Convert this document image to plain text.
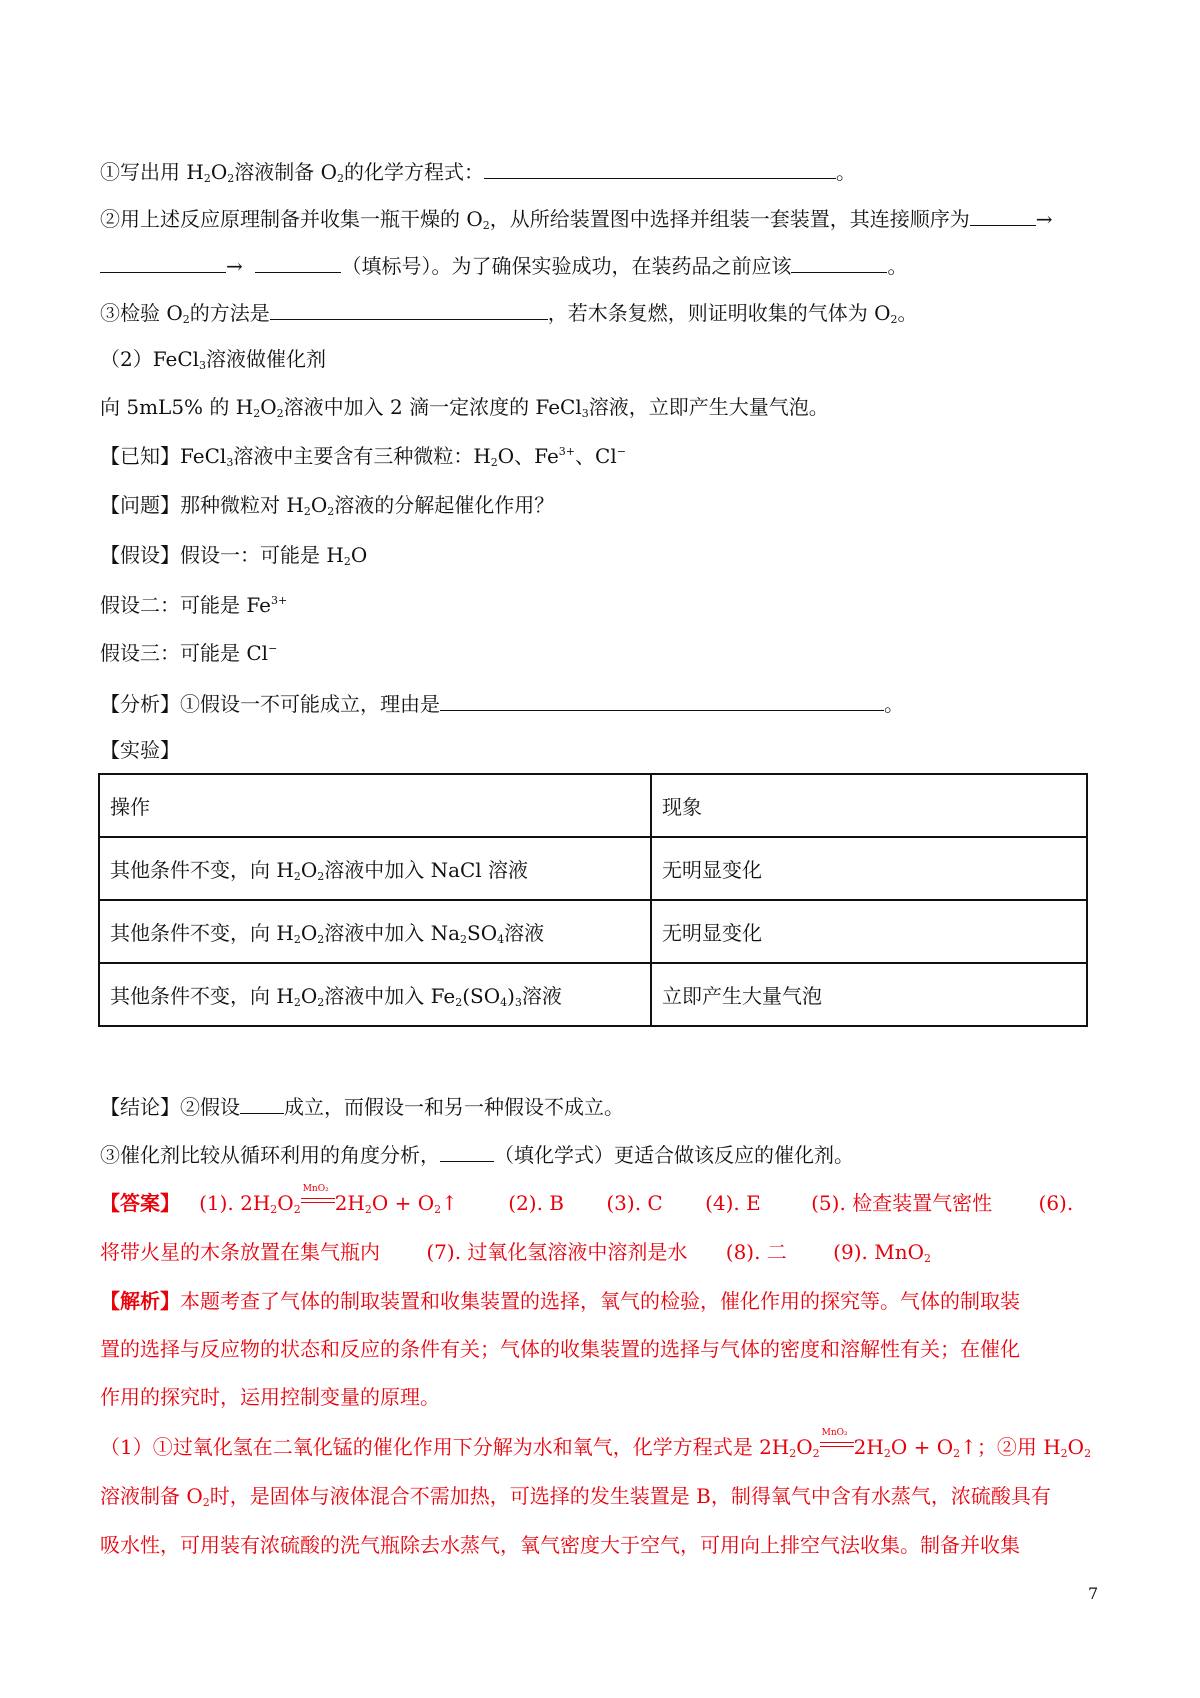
①写出用 $H_2O_2$溶液制备 $O_2$的化学方程式：	。
②用上述反应原理制备并收集一瓶干燥的 $O_2$，从所给装置图中选择并组装一套装置，其连接顺序为	→
→	（填标号）。为了确保实验成功，在装药品之前应该	。
③检验 $O_2$的方法是	，若木条复燃，则证明收集的气体为 $O_2$。
（2）FeCl$_3$溶液做催化剂
向 5mL5% 的 $H_2O_2$溶液中加入 2 滴一定浓度的 FeCl$_3$溶液，立即产生大量气泡。
【已知】FeCl$_3$溶液中主要含有三种微粒：$H_2O$、$Fe^{3+}$、Cl−
【问题】那种微粒对 $H_2O_2$溶液的分解起催化作用？
【假设】假设一：可能是 $H_2O$
假设二：可能是 $Fe^{3+}$
假设三：可能是 Cl−
【分析】①假设一不可能成立，理由是	。
【实验】
操作	现象
其他条件不变，向 $H_2O_2$溶液中加入 NaCl 溶液	无明显变化
其他条件不变，向 $H_2O_2$溶液中加入 $Na_2SO_4$溶液	无明显变化
其他条件不变，向 $H_2O_2$溶液中加入 $Fe_2(SO_4)_3$溶液	立即产生大量气泡
【结论】②假设 成立，而假设一和另一种假设不成立。
③催化剂比较从循环利用的角度分析，	（填化学式）更适合做该反应的催化剂。
【答案】 (1). $2H_2O_2$
MnO₂
$2H_2O$ + $O_2↑$	(2). B (3). C (4). E	(5). 检查装置气密性 (6).
将带火星的木条放置在集气瓶内 (7). 过氧化氢溶液中溶剂是水 (8). 二 (9). MnO$_2$
【解析】本题考查了气体的制取装置和收集装置的选择，氧气的检验，催化作用的探究等。气体的制取装
置的选择与反应物的状态和反应的条件有关；气体的收集装置的选择与气体的密度和溶解性有关；在催化
作用的探究时，运用控制变量的原理。
（1）①过氧化氢在二氧化锰的催化作用下分解为水和氧气，化学方程式是 $2H_2O_2$
MnO₂
$2H_2O$ + $O_2↑$；②用 $H_2O_2$
溶液制备 $O_2$时，是固体与液体混合不需加热，可选择的发生装置是 B，制得氧气中含有水蒸气，浓硫酸具有
吸水性，可用装有浓硫酸的洗气瓶除去水蒸气，氧气密度大于空气，可用向上排空气法收集。制备并收集
7
